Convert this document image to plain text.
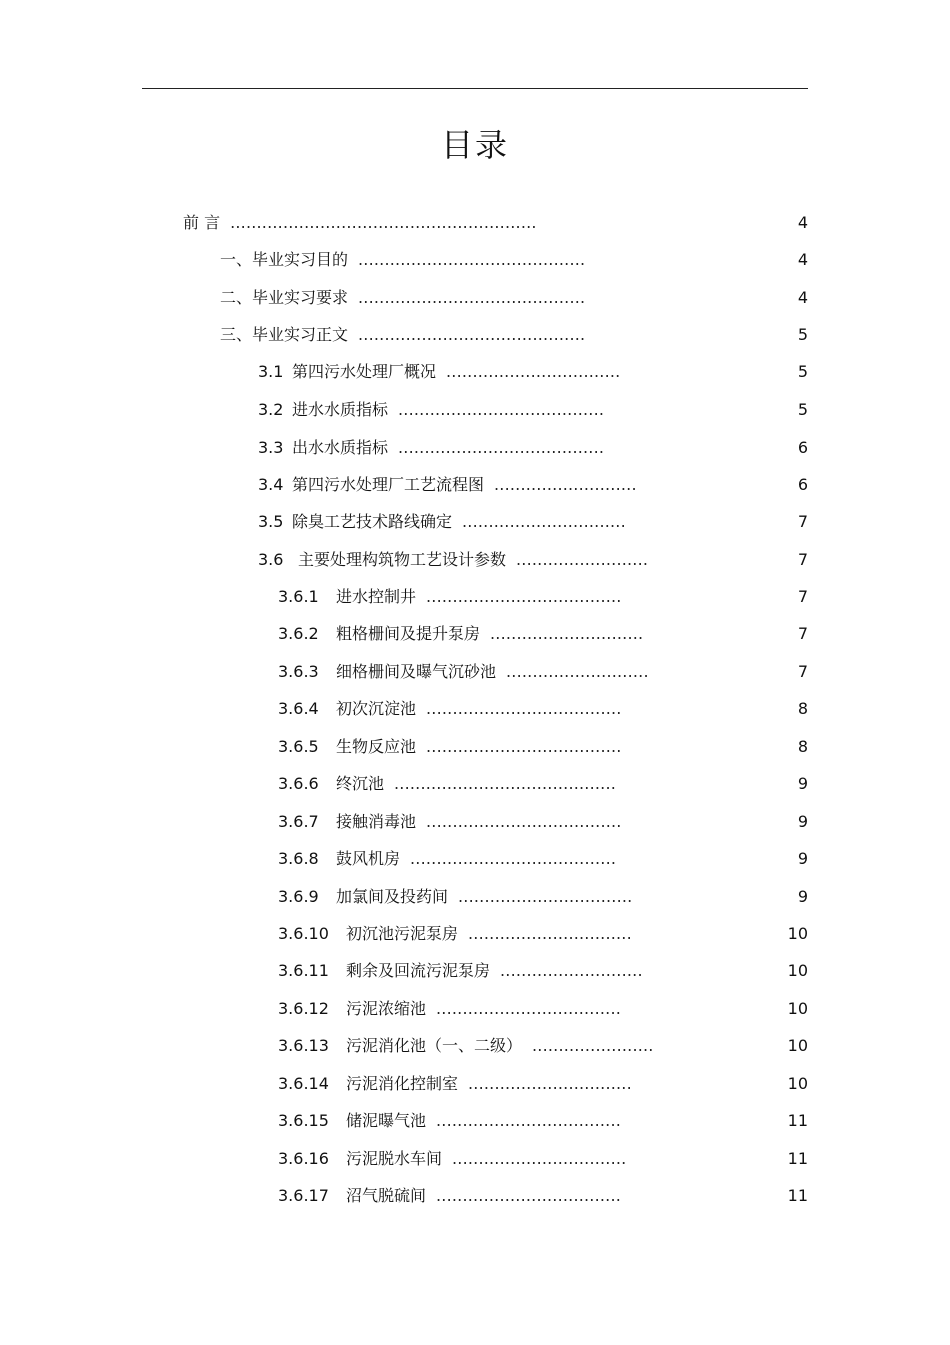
目录
前 言 ..........................................................	4
一、毕业实习目的 ...........................................	4
二、毕业实习要求 ...........................................	4
三、毕业实习正文 ...........................................	5
3.1 第四污水处理厂概况 .................................	5
3.2 进水水质指标 .......................................	5
3.3 出水水质指标 .......................................	6
3.4 第四污水处理厂工艺流程图 ...........................	6
3.5 除臭工艺技术路线确定 ...............................	7
3.6 主要处理构筑物工艺设计参数 .........................	7
3.6.1 进水控制井 .....................................	7
3.6.2 粗格栅间及提升泵房 .............................	7
3.6.3 细格栅间及曝气沉砂池 ...........................	7
3.6.4 初次沉淀池 .....................................	8
3.6.5 生物反应池 .....................................	8
3.6.6 终沉池 ..........................................	9
3.6.7 接触消毒池 .....................................	9
3.6.8 鼓风机房 .......................................	9
3.6.9 加氯间及投药间 .................................	9
3.6.10 初沉池污泥泵房 ...............................	10
3.6.11 剩余及回流污泥泵房 ...........................	10
3.6.12 污泥浓缩池 ...................................	10
3.6.13 污泥消化池（一、二级） .......................	10
3.6.14 污泥消化控制室 ...............................	10
3.6.15 储泥曝气池 ...................................	11
3.6.16 污泥脱水车间 .................................	11
3.6.17 沼气脱硫间 ...................................	11
